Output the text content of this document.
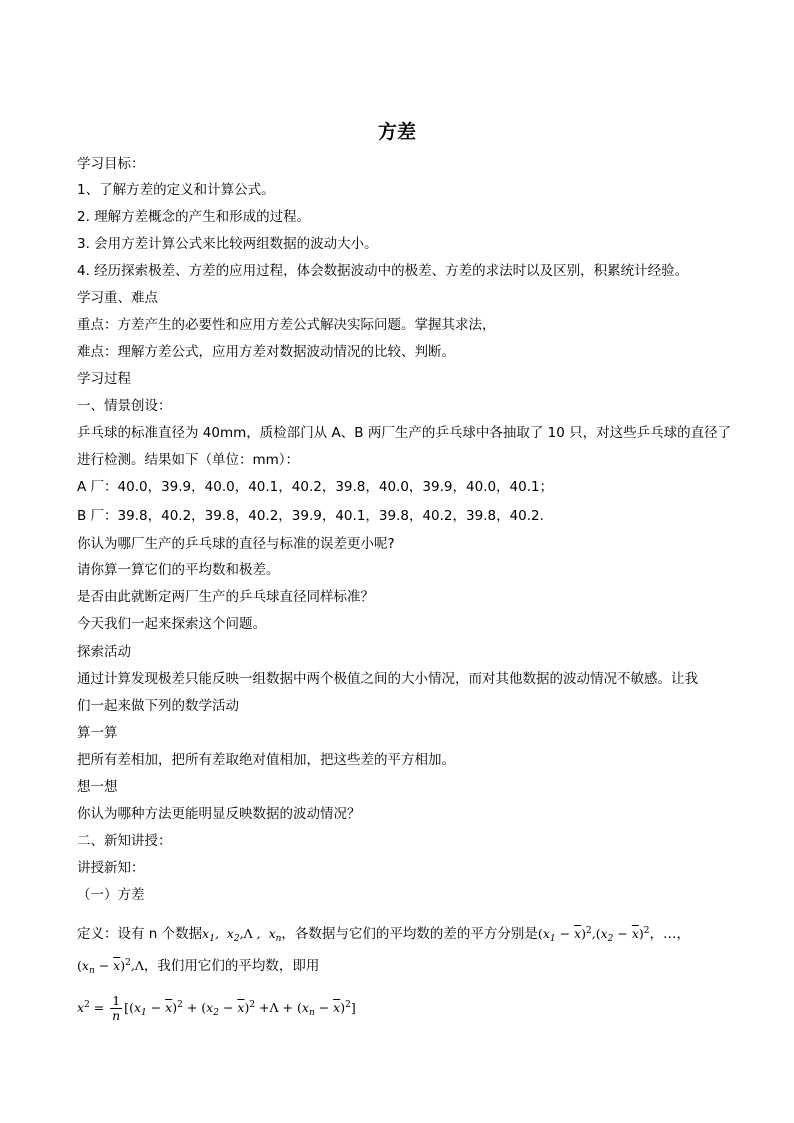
方差
学习目标：
1、了解方差的定义和计算公式。
2. 理解方差概念的产生和形成的过程。
3. 会用方差计算公式来比较两组数据的波动大小。
4. 经历探索极差、方差的应用过程，体会数据波动中的极差、方差的求法时以及区别，积累统计经验。
学习重、难点
重点：方差产生的必要性和应用方差公式解决实际问题。掌握其求法，
难点：理解方差公式，应用方差对数据波动情况的比较、判断。
学习过程
一、情景创设：
乒乓球的标准直径为 40mm，质检部门从 A、B 两厂生产的乒乓球中各抽取了 10 只，对这些乒乓球的直径了
进行检测。结果如下（单位：mm）：
A 厂：40.0，39.9，40.0，40.1，40.2，39.8，40.0，39.9，40.0，40.1；
B 厂：39.8，40.2，39.8，40.2，39.9，40.1，39.8，40.2，39.8，40.2.
你认为哪厂生产的乒乓球的直径与标准的误差更小呢?
请你算一算它们的平均数和极差。
是否由此就断定两厂生产的乒乓球直径同样标准？
今天我们一起来探索这个问题。
探索活动
通过计算发现极差只能反映一组数据中两个极值之间的大小情况，而对其他数据的波动情况不敏感。让我
们一起来做下列的数学活动
算一算
把所有差相加，把所有差取绝对值相加，把这些差的平方相加。
想一想
你认为哪种方法更能明显反映数据的波动情况？
二、新知讲授：
讲授新知：
（一）方差
定义：设有 n 个数据$x_1$,  $x_2,\Lambda$ ,  $x_n$，各数据与它们的平均数的差的平方分别是$(x_1 - \overline{x})^2,(x_2 - \overline{x})^2$，…，
$(x_n - \overline{x})^2,\Lambda$，我们用它们的平均数，即用
$x^2 = \frac{1}{n} [(x_1 - \overline{x})^2 + (x_2 - \overline{x})^2 +\Lambda + (x_n - \overline{x})^2]$
